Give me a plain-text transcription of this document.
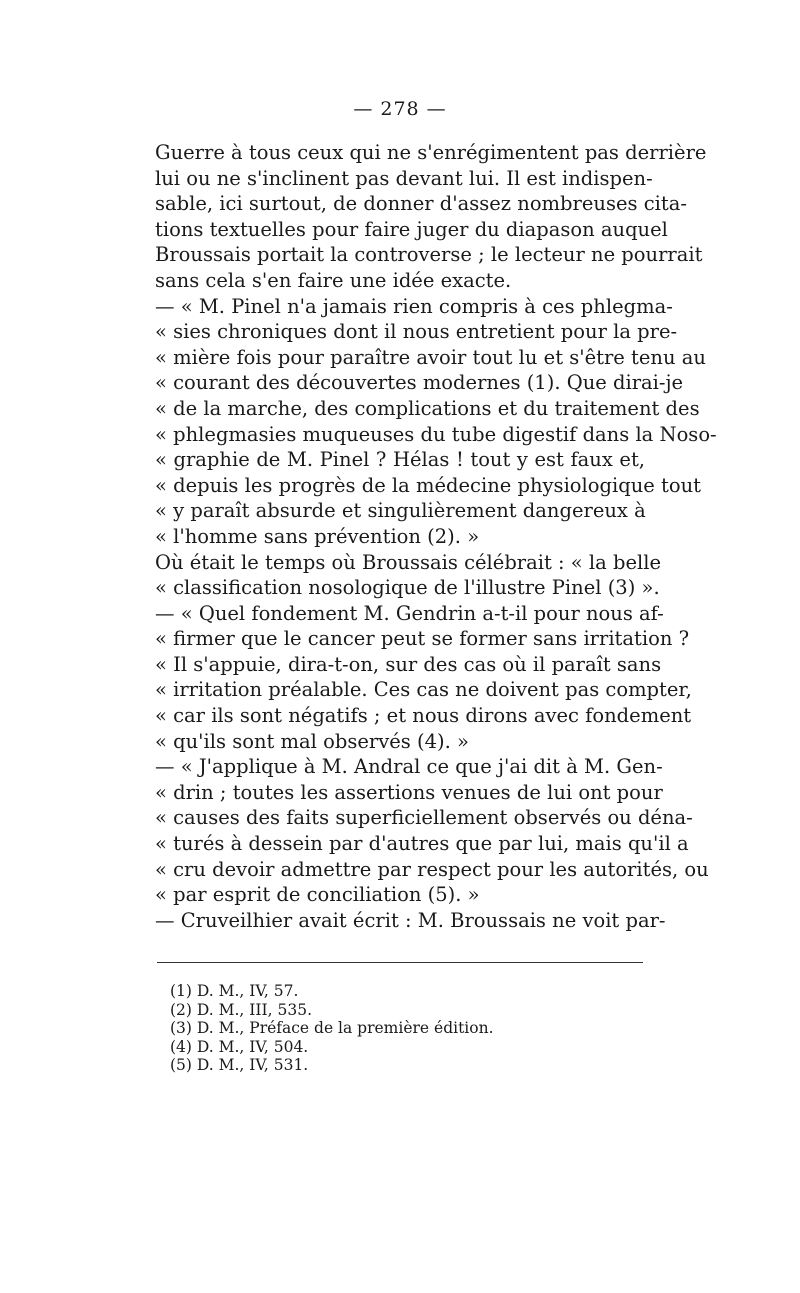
— 278 —
Guerre à tous ceux qui ne s'enrégimentent pas derrière
lui ou ne s'inclinent pas devant lui. Il est indispen-
sable, ici surtout, de donner d'assez nombreuses cita-
tions textuelles pour faire juger du diapason auquel
Broussais portait la controverse ; le lecteur ne pourrait
sans cela s'en faire une idée exacte.
— « M. Pinel n'a jamais rien compris à ces phlegma-
« sies chroniques dont il nous entretient pour la pre-
« mière fois pour paraître avoir tout lu et s'être tenu au
« courant des découvertes modernes (1). Que dirai-je
« de la marche, des complications et du traitement des
« phlegmasies muqueuses du tube digestif dans la Noso-
« graphie de M. Pinel ? Hélas ! tout y est faux et,
« depuis les progrès de la médecine physiologique tout
« y paraît absurde et singulièrement dangereux à
« l'homme sans prévention (2). »
Où était le temps où Broussais célébrait : « la belle
« classification nosologique de l'illustre Pinel (3) ».
— « Quel fondement M. Gendrin a-t-il pour nous af-
« firmer que le cancer peut se former sans irritation ?
« Il s'appuie, dira-t-on, sur des cas où il paraît sans
« irritation préalable. Ces cas ne doivent pas compter,
« car ils sont négatifs ; et nous dirons avec fondement
« qu'ils sont mal observés (4). »
— « J'applique à M. Andral ce que j'ai dit à M. Gen-
« drin ; toutes les assertions venues de lui ont pour
« causes des faits superficiellement observés ou déna-
« turés à dessein par d'autres que par lui, mais qu'il a
« cru devoir admettre par respect pour les autorités, ou
« par esprit de conciliation (5). »
— Cruveilhier avait écrit : M. Broussais ne voit par-
(1) D. M., IV, 57.
(2) D. M., III, 535.
(3) D. M., Préface de la première édition.
(4) D. M., IV, 504.
(5) D. M., IV, 531.
